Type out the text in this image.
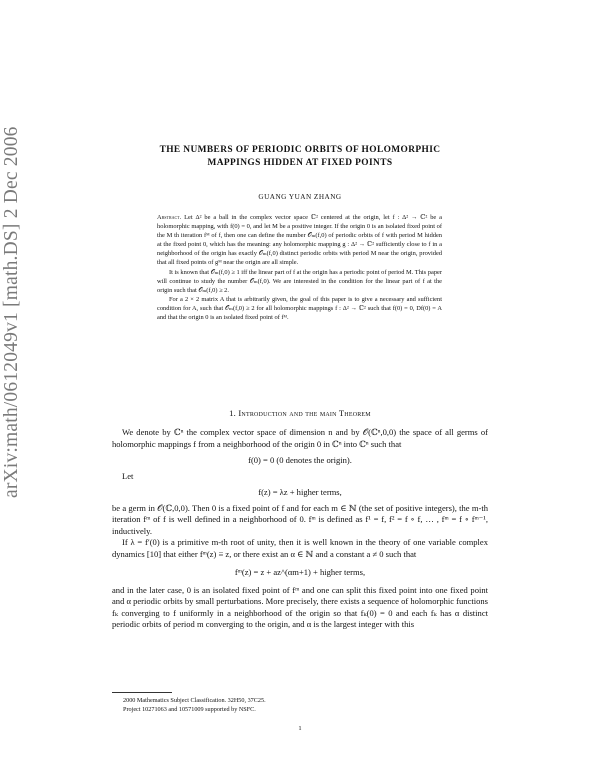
arXiv:math/0612049v1 [math.DS] 2 Dec 2006	THE NUMBERS OF PERIODIC ORBITS OF HOLOMORPHIC
MAPPINGS HIDDEN AT FIXED POINTS
GUANG YUAN ZHANG

Abstract. Let Δ² be a ball in the complex vector space ℂ² centered at the origin, let f : Δ² → ℂ² be a holomorphic mapping, with f(0) = 0, and let M be a positive integer. If the origin 0 is an isolated fixed point of the M th iteration fᴹ of f, then one can define the number 𝒪ₘ(f,0) of periodic orbits of f with period M hidden at the fixed point 0, which has the meaning: any holomorphic mapping g : Δ² → ℂ² sufficiently close to f in a neighborhood of the origin has exactly 𝒪ₘ(f,0) distinct periodic orbits with period M near the origin, provided that all fixed points of gᴹ near the origin are all simple.

It is known that 𝒪ₘ(f,0) ≥ 1 iff the linear part of f at the origin has a periodic point of period M. This paper will continue to study the number 𝒪ₘ(f,0). We are interested in the condition for the linear part of f at the origin such that 𝒪ₘ(f,0) ≥ 2.

For a 2 × 2 matrix A that is arbitrarily given, the goal of this paper is to give a necessary and sufficient condition for A, such that 𝒪ₘ(f,0) ≥ 2 for all holomorphic mappings f : Δ² → ℂ² such that f(0) = 0, Df(0) = A and that the origin 0 is an isolated fixed point of fᴹ.

1. Introduction and the main Theorem

We denote by ℂⁿ the complex vector space of dimension n and by 𝒪(ℂⁿ,0,0) the space of all germs of holomorphic mappings f from a neighborhood of the origin 0 in ℂⁿ into ℂⁿ such that

f(0) = 0 (0 denotes the origin).

Let

f(z) = λz + higher terms,

be a germ in 𝒪(ℂ,0,0). Then 0 is a fixed point of f and for each m ∈ ℕ (the set of positive integers), the m-th iteration fᵐ of f is well defined in a neighborhood of 0. fᵐ is defined as f¹ = f, f² = f ∘ f, … , fᵐ = f ∘ fᵐ⁻¹, inductively.

If λ = f′(0) is a primitive m-th root of unity, then it is well known in the theory of one variable complex dynamics [10] that either fᵐ(z) ≡ z, or there exist an α ∈ ℕ and a constant a ≠ 0 such that

fᵐ(z) = z + az^(αm+1) + higher terms,

and in the later case, 0 is an isolated fixed point of fᵐ and one can split this fixed point into one fixed point and α periodic orbits by small perturbations. More precisely, there exists a sequence of holomorphic functions fₖ converging to f uniformly in a neighborhood of the origin so that fₖ(0) = 0 and each fₖ has α distinct periodic orbits of period m converging to the origin, and α is the largest integer with this

2000 Mathematics Subject Classification. 32H50, 37C25.
Project 10271063 and 10571009 supported by NSFC.
1
